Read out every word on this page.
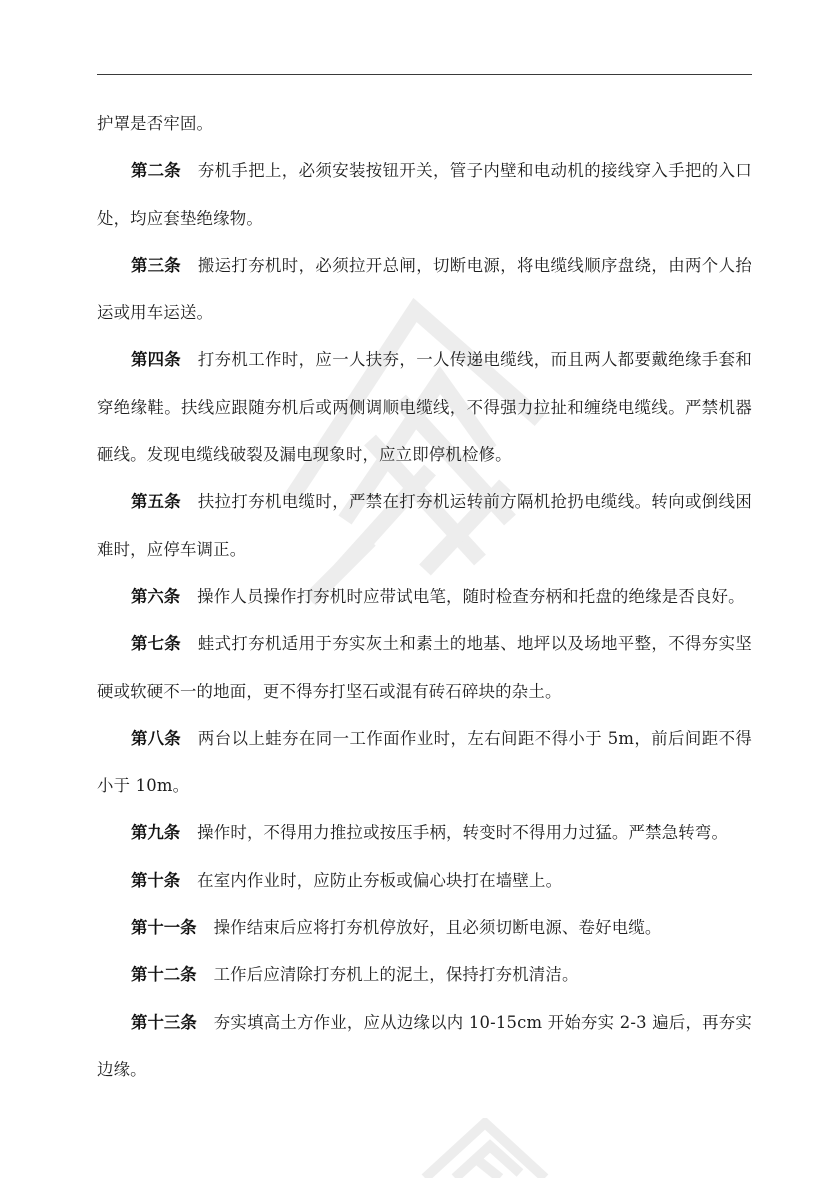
护罩是否牢固。

第二条 夯机手把上，必须安装按钮开关，管子内壁和电动机的接线穿入手把的入口处，均应套垫绝缘物。

第三条 搬运打夯机时，必须拉开总闸，切断电源，将电缆线顺序盘绕，由两个人抬运或用车运送。

第四条 打夯机工作时，应一人扶夯，一人传递电缆线，而且两人都要戴绝缘手套和穿绝缘鞋。扶线应跟随夯机后或两侧调顺电缆线，不得强力拉扯和缠绕电缆线。严禁机器砸线。发现电缆线破裂及漏电现象时，应立即停机检修。

第五条 扶拉打夯机电缆时，严禁在打夯机运转前方隔机抢扔电缆线。转向或倒线困难时，应停车调正。

第六条 操作人员操作打夯机时应带试电笔，随时检查夯柄和托盘的绝缘是否良好。

第七条 蛙式打夯机适用于夯实灰土和素土的地基、地坪以及场地平整，不得夯实坚硬或软硬不一的地面，更不得夯打坚石或混有砖石碎块的杂土。

第八条 两台以上蛙夯在同一工作面作业时，左右间距不得小于 5m，前后间距不得小于 10m。

第九条 操作时，不得用力推拉或按压手柄，转变时不得用力过猛。严禁急转弯。

第十条 在室内作业时，应防止夯板或偏心块打在墙壁上。

第十一条 操作结束后应将打夯机停放好，且必须切断电源、卷好电缆。

第十二条 工作后应清除打夯机上的泥土，保持打夯机清洁。

第十三条 夯实填高土方作业，应从边缘以内 10-15cm 开始夯实 2-3 遍后，再夯实边缘。
